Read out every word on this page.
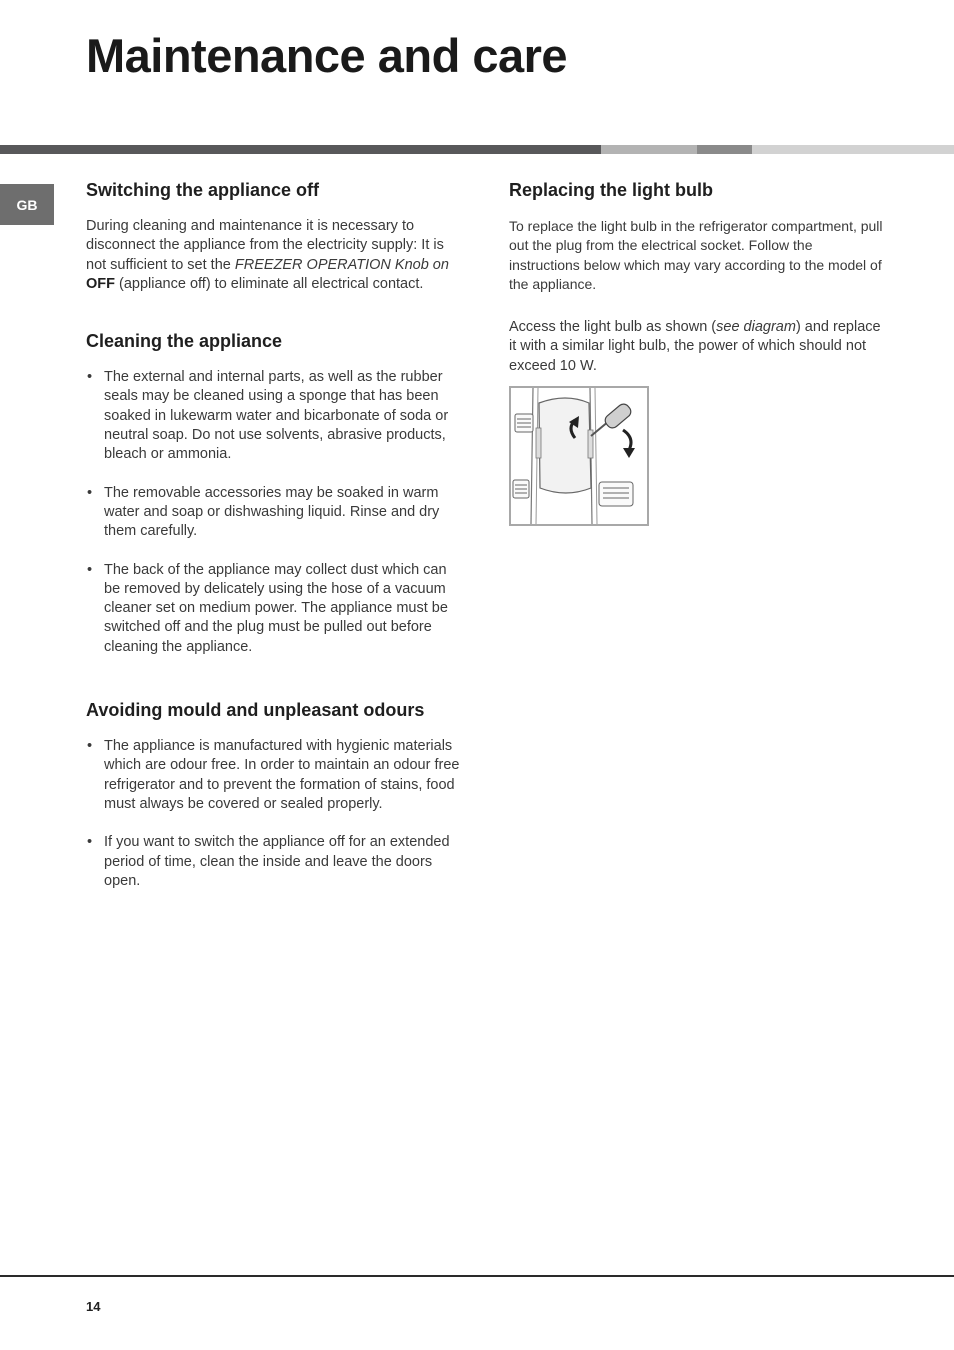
Maintenance and care
GB
Switching the appliance off

During cleaning and maintenance it is necessary to disconnect the appliance from the electricity supply: It is not sufficient to set the FREEZER OPERATION Knob on OFF (appliance off) to eliminate all electrical contact.

Cleaning the appliance
• The external and internal parts, as well as the rubber seals may be cleaned using a sponge that has been soaked in lukewarm water and bicarbonate of soda or neutral soap. Do not use solvents, abrasive products, bleach or ammonia.
• The removable accessories may be soaked in warm water and soap or dishwashing liquid. Rinse and dry them carefully.
• The back of the appliance may collect dust which can be removed by delicately using the hose of a vacuum cleaner set on medium power. The appliance must be switched off and the plug must be pulled out before cleaning the appliance.
Avoiding mould and unpleasant odours
• The appliance is manufactured with hygienic materials which are odour free. In order to maintain an odour free refrigerator and to prevent the formation of stains, food must always be covered or sealed properly.
• If you want to switch the appliance off for an extended period of time, clean the inside and leave the doors open.
Replacing the light bulb

To replace the light bulb in the refrigerator compartment, pull out the plug from the electrical socket. Follow the instructions below which may vary according to the model of the appliance.

Access the light bulb as shown (see diagram) and replace it with a similar light bulb, the power of which should not exceed 10 W.

14
